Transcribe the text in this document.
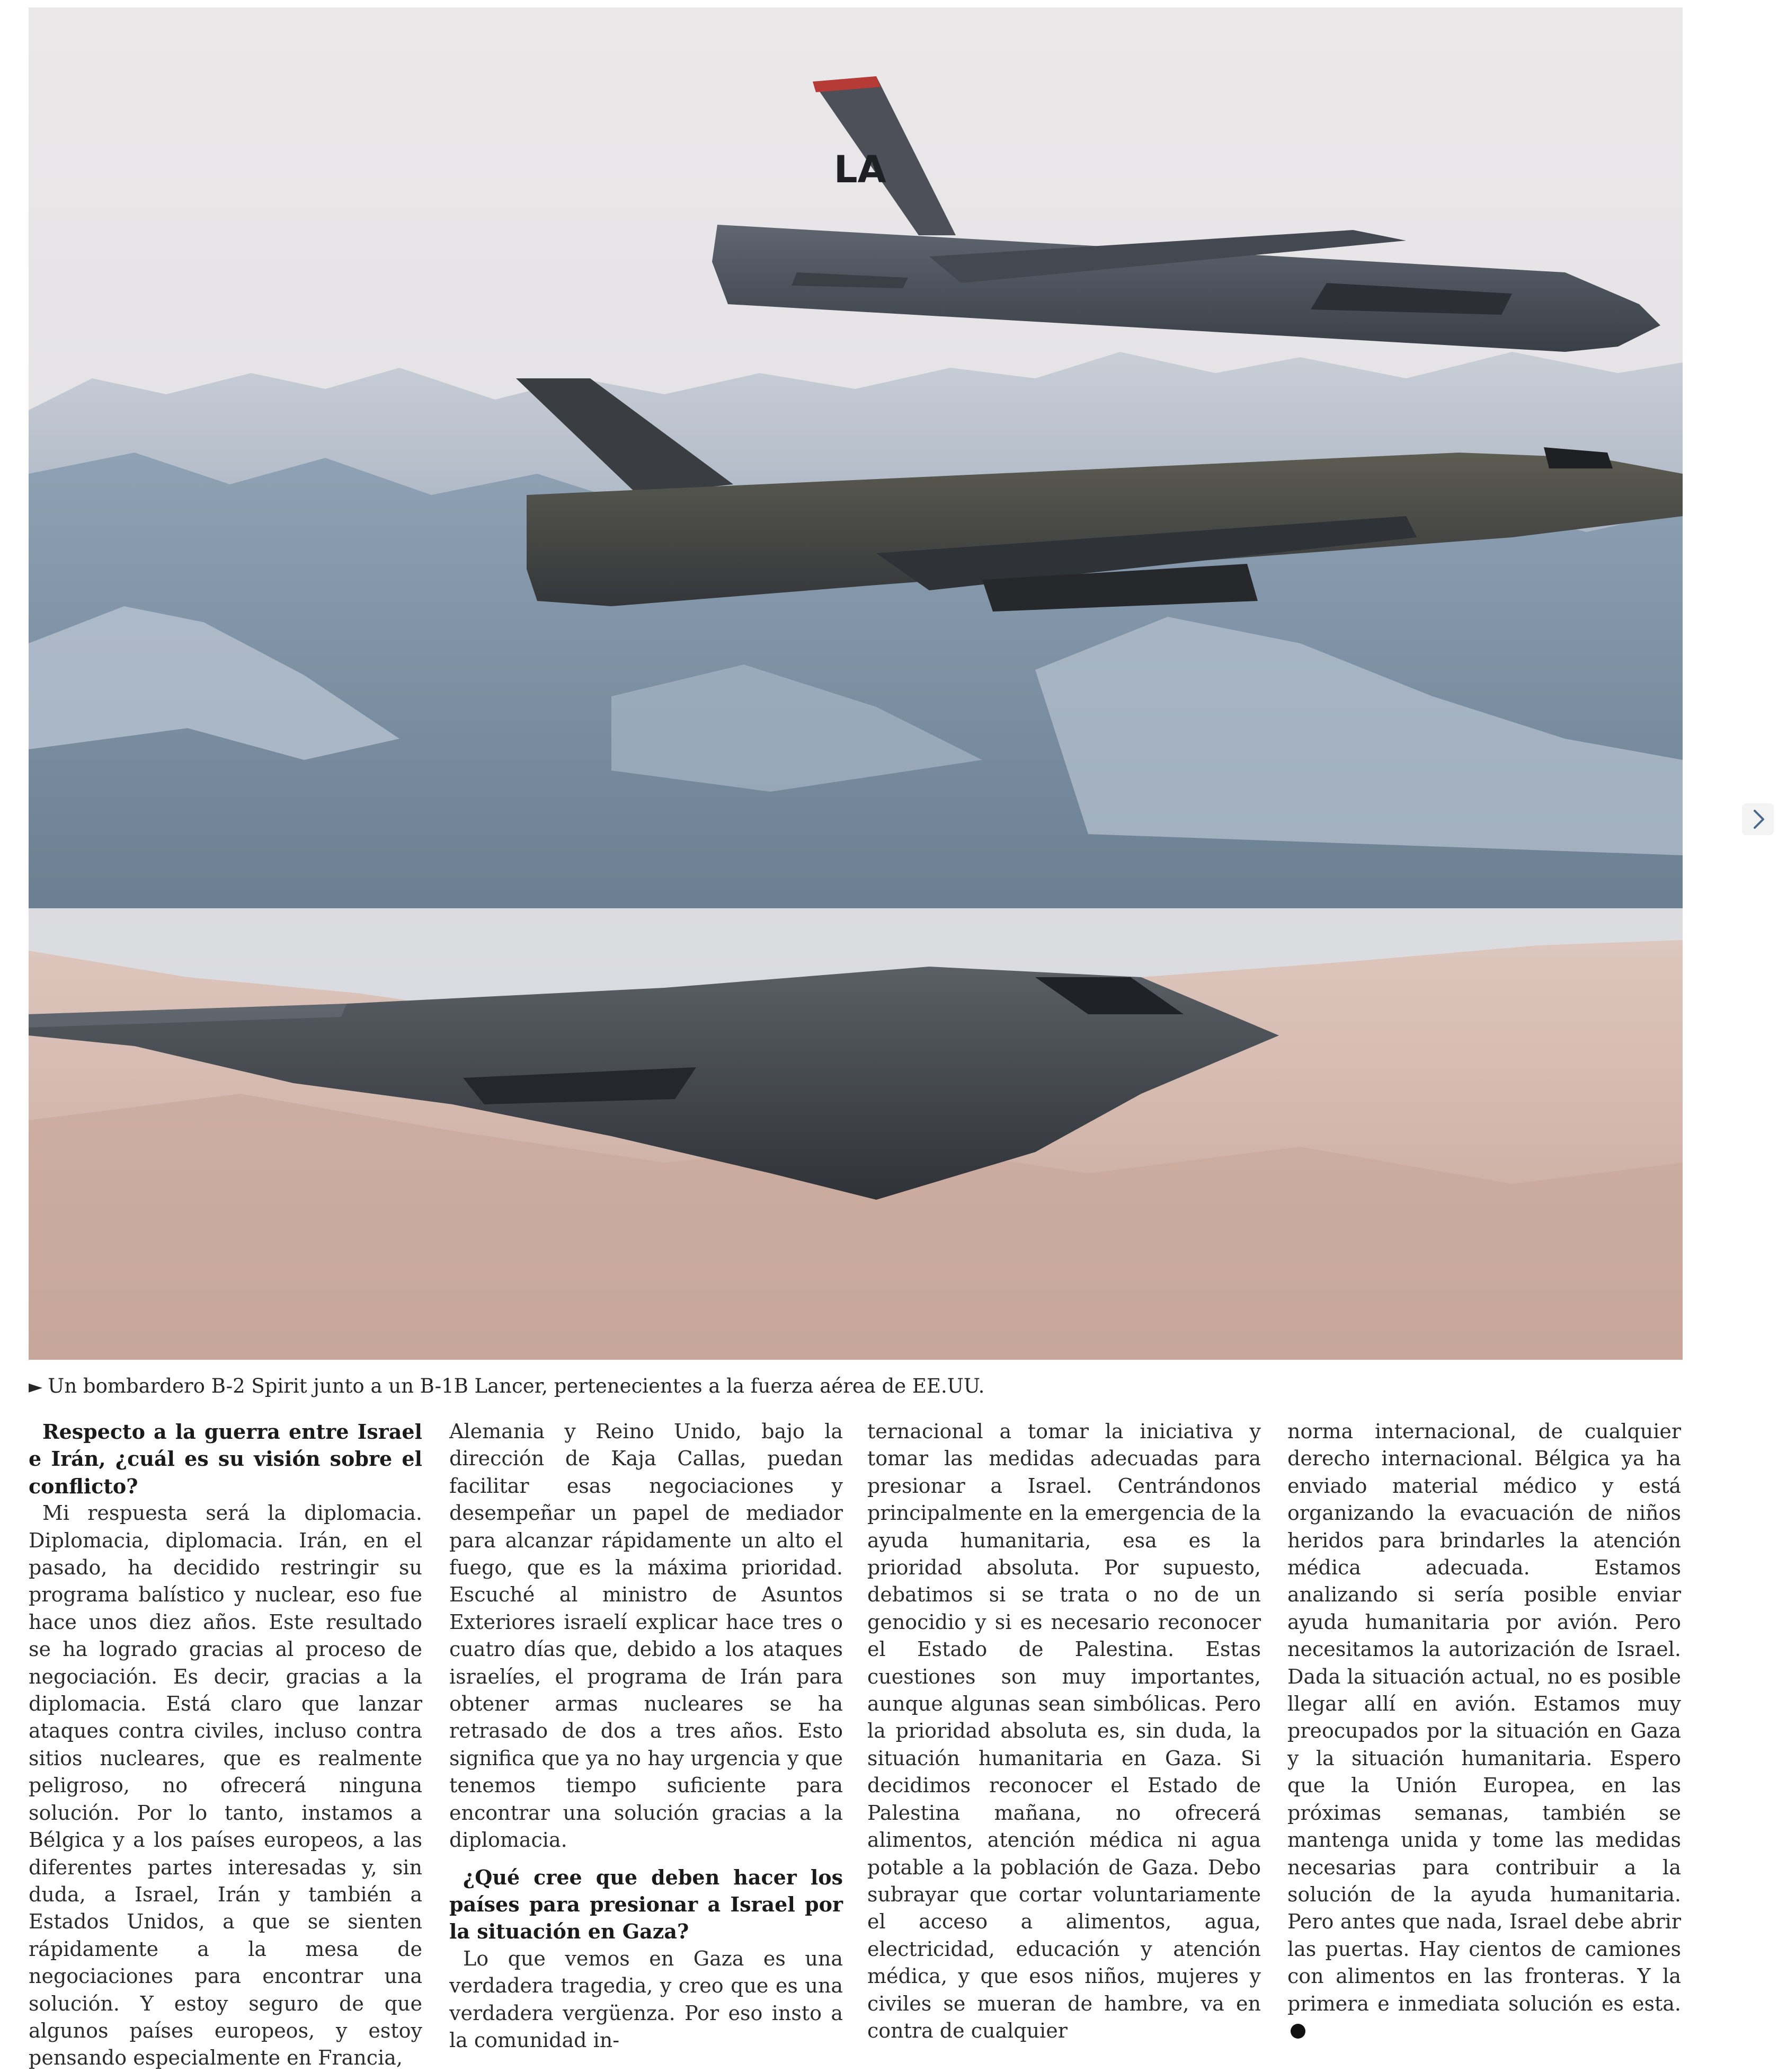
LA
► Un bombardero B-2 Spirit junto a un B-1B Lancer, pertenecientes a la fuerza aérea de EE.UU.

Respecto a la guerra entre Israel e Irán, ¿cuál es su visión sobre el conflicto?

Mi respuesta será la diplomacia. Diplomacia, diplomacia. Irán, en el pasado, ha decidido restringir su programa balístico y nuclear, eso fue hace unos diez años. Este resultado se ha logrado gracias al proceso de negociación. Es decir, gracias a la diplomacia. Está claro que lanzar ataques contra civiles, incluso contra sitios nucleares, que es realmente peligroso, no ofrecerá ninguna solución. Por lo tanto, instamos a Bélgica y a los países europeos, a las diferentes partes interesadas y, sin duda, a Israel, Irán y también a Estados Unidos, a que se sienten rápidamente a la mesa de negociaciones para encontrar una solución. Y estoy seguro de que algunos países europeos, y estoy pensando especialmente en Francia,

Alemania y Reino Unido, bajo la dirección de Kaja Callas, puedan facilitar esas negociaciones y desempeñar un papel de mediador para alcanzar rápidamente un alto el fuego, que es la máxima prioridad. Escuché al ministro de Asuntos Exteriores israelí explicar hace tres o cuatro días que, debido a los ataques israelíes, el programa de Irán para obtener armas nucleares se ha retrasado de dos a tres años. Esto significa que ya no hay urgencia y que tenemos tiempo suficiente para encontrar una solución gracias a la diplomacia.

¿Qué cree que deben hacer los países para presionar a Israel por la situación en Gaza?

Lo que vemos en Gaza es una verdadera tragedia, y creo que es una verdadera vergüenza. Por eso insto a la comunidad in-

ternacional a tomar la iniciativa y tomar las medidas adecuadas para presionar a Israel. Centrándonos principalmente en la emergencia de la ayuda humanitaria, esa es la prioridad absoluta. Por supuesto, debatimos si se trata o no de un genocidio y si es necesario reconocer el Estado de Palestina. Estas cuestiones son muy importantes, aunque algunas sean simbólicas. Pero la prioridad absoluta es, sin duda, la situación humanitaria en Gaza. Si decidimos reconocer el Estado de Palestina mañana, no ofrecerá alimentos, atención médica ni agua potable a la población de Gaza. Debo subrayar que cortar voluntariamente el acceso a alimentos, agua, electricidad, educación y atención médica, y que esos niños, mujeres y civiles se mueran de hambre, va en contra de cualquier

norma internacional, de cualquier derecho internacional. Bélgica ya ha enviado material médico y está organizando la evacuación de niños heridos para brindarles la atención médica adecuada. Estamos analizando si sería posible enviar ayuda humanitaria por avión. Pero necesitamos la autorización de Israel. Dada la situación actual, no es posible llegar allí en avión. Estamos muy preocupados por la situación en Gaza y la situación humanitaria. Espero que la Unión Europea, en las próximas semanas, también se mantenga unida y tome las medidas necesarias para contribuir a la solución de la ayuda humanitaria. Pero antes que nada, Israel debe abrir las puertas. Hay cientos de camiones con alimentos en las fronteras. Y la primera e inmediata solución es esta.
